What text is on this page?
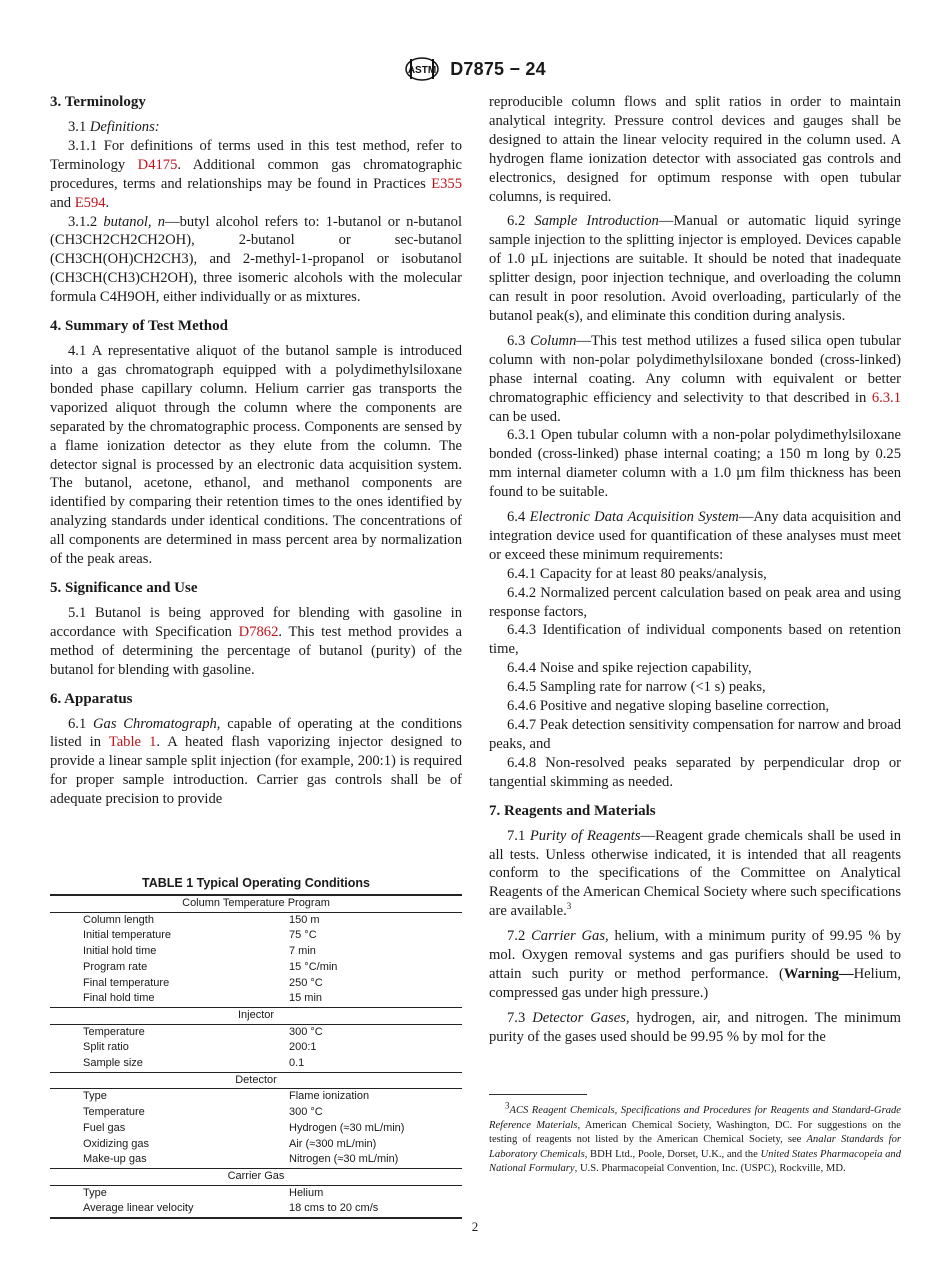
ASTM D7875 − 24
3. Terminology

3.1 Definitions:

3.1.1 For definitions of terms used in this test method, refer to Terminology D4175. Additional common gas chromatographic procedures, terms and relationships may be found in Practices E355 and E594.

3.1.2 butanol, n—butyl alcohol refers to: 1-butanol or n-butanol (CH3CH2CH2CH2OH), 2-butanol or sec-butanol (CH3CH(OH)CH2CH3), and 2-methyl-1-propanol or isobutanol (CH3CH(CH3)CH2OH), three isomeric alcohols with the molecular formula C4H9OH, either individually or as mixtures.

4. Summary of Test Method

4.1 A representative aliquot of the butanol sample is introduced into a gas chromatograph equipped with a polydimethylsiloxane bonded phase capillary column. Helium carrier gas transports the vaporized aliquot through the column where the components are separated by the chromatographic process. Components are sensed by a flame ionization detector as they elute from the column. The detector signal is processed by an electronic data acquisition system. The butanol, acetone, ethanol, and methanol components are identified by comparing their retention times to the ones identified by analyzing standards under identical conditions. The concentrations of all components are determined in mass percent area by normalization of the peak areas.

5. Significance and Use

5.1 Butanol is being approved for blending with gasoline in accordance with Specification D7862. This test method provides a method of determining the percentage of butanol (purity) of the butanol for blending with gasoline.

6. Apparatus

6.1 Gas Chromatograph, capable of operating at the conditions listed in Table 1. A heated flash vaporizing injector designed to provide a linear sample split injection (for example, 200:1) is required for proper sample introduction. Carrier gas controls shall be of adequate precision to provide

TABLE 1 Typical Operating Conditions
Column Temperature Program	
Column length	150 m
Initial temperature	75 °C
Initial hold time	7 min
Program rate	15 °C/min
Final temperature	250 °C
Final hold time	15 min
Injector	
Temperature	300 °C
Split ratio	200:1
Sample size	0.1
Detector	
Type	Flame ionization
Temperature	300 °C
Fuel gas	Hydrogen (≈30 mL/min)
Oxidizing gas	Air (≈300 mL/min)
Make-up gas	Nitrogen (≈30 mL/min)
Carrier Gas	
Type	Helium
Average linear velocity	18 cms to 20 cm/s

reproducible column flows and split ratios in order to maintain analytical integrity. Pressure control devices and gauges shall be designed to attain the linear velocity required in the column used. A hydrogen flame ionization detector with associated gas controls and electronics, designed for optimum response with open tubular columns, is required.

6.2 Sample Introduction—Manual or automatic liquid syringe sample injection to the splitting injector is employed. Devices capable of 1.0 µL injections are suitable. It should be noted that inadequate splitter design, poor injection technique, and overloading the column can result in poor resolution. Avoid overloading, particularly of the butanol peak(s), and eliminate this condition during analysis.

6.3 Column—This test method utilizes a fused silica open tubular column with non-polar polydimethylsiloxane bonded (cross-linked) phase internal coating. Any column with equivalent or better chromatographic efficiency and selectivity to that described in 6.3.1 can be used.

6.3.1 Open tubular column with a non-polar polydimethylsiloxane bonded (cross-linked) phase internal coating; a 150 m long by 0.25 mm internal diameter column with a 1.0 µm film thickness has been found to be suitable.

6.4 Electronic Data Acquisition System—Any data acquisition and integration device used for quantification of these analyses must meet or exceed these minimum requirements:

6.4.1 Capacity for at least 80 peaks/analysis,

6.4.2 Normalized percent calculation based on peak area and using response factors,

6.4.3 Identification of individual components based on retention time,

6.4.4 Noise and spike rejection capability,

6.4.5 Sampling rate for narrow (<1 s) peaks,

6.4.6 Positive and negative sloping baseline correction,

6.4.7 Peak detection sensitivity compensation for narrow and broad peaks, and

6.4.8 Non-resolved peaks separated by perpendicular drop or tangential skimming as needed.

7. Reagents and Materials

7.1 Purity of Reagents—Reagent grade chemicals shall be used in all tests. Unless otherwise indicated, it is intended that all reagents conform to the specifications of the Committee on Analytical Reagents of the American Chemical Society where such specifications are available.$^3$

7.2 Carrier Gas, helium, with a minimum purity of 99.95 % by mol. Oxygen removal systems and gas purifiers should be used to attain such purity or method performance. (Warning—Helium, compressed gas under high pressure.)

7.3 Detector Gases, hydrogen, air, and nitrogen. The minimum purity of the gases used should be 99.95 % by mol for the

$^3$ACS Reagent Chemicals, Specifications and Procedures for Reagents and Standard-Grade Reference Materials, American Chemical Society, Washington, DC. For suggestions on the testing of reagents not listed by the American Chemical Society, see Analar Standards for Laboratory Chemicals, BDH Ltd., Poole, Dorset, U.K., and the United States Pharmacopeia and National Formulary, U.S. Pharmacopeial Convention, Inc. (USPC), Rockville, MD.

2
